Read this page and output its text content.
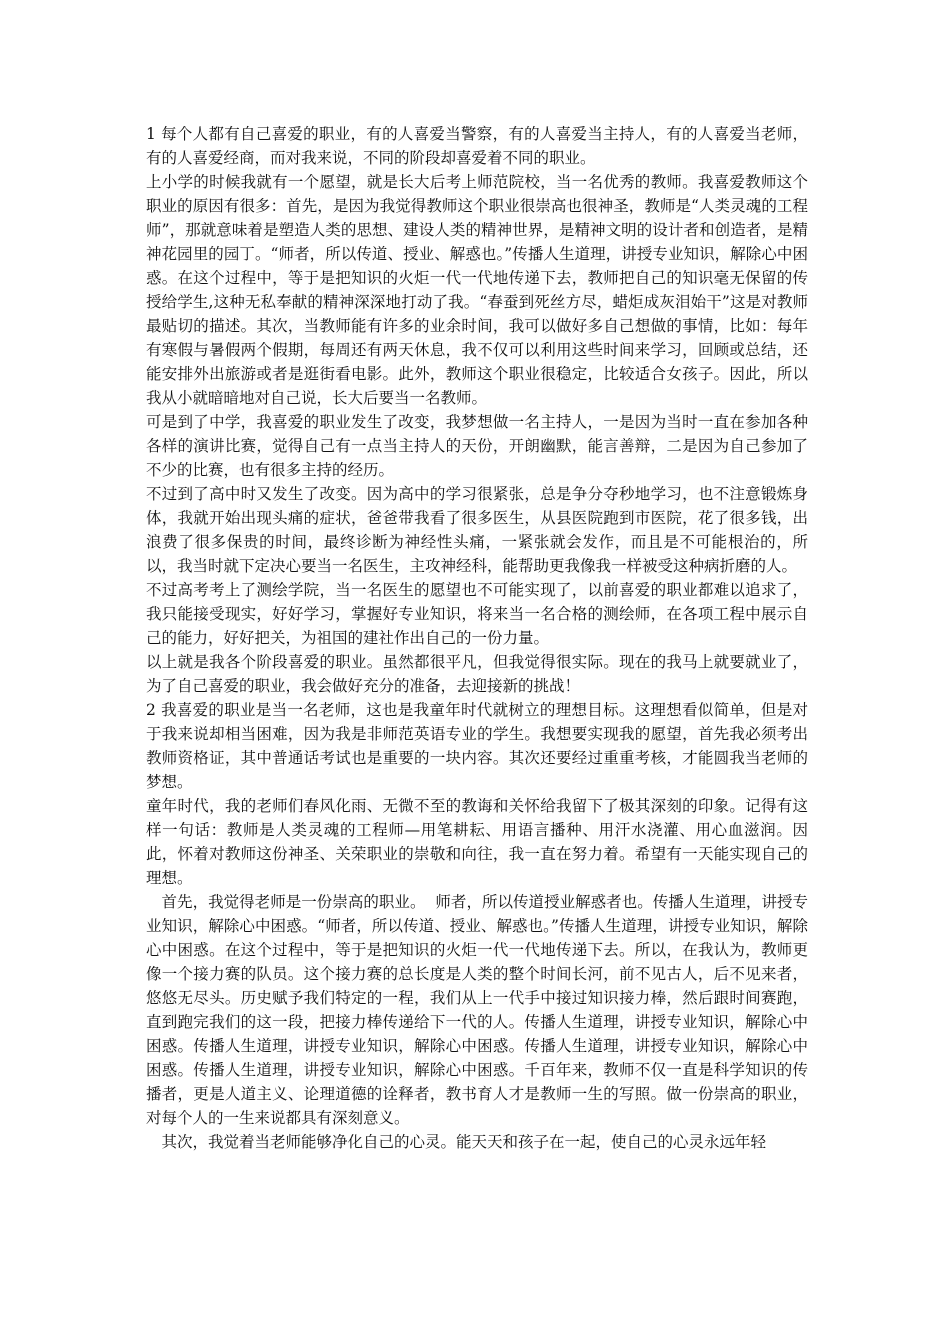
1 每个人都有自己喜爱的职业，有的人喜爱当警察，有的人喜爱当主持人，有的人喜爱当老师，有的人喜爱经商，而对我来说，不同的阶段却喜爱着不同的职业。

上小学的时候我就有一个愿望，就是长大后考上师范院校，当一名优秀的教师。我喜爱教师这个职业的原因有很多：首先，是因为我觉得教师这个职业很崇高也很神圣，教师是“人类灵魂的工程师”，那就意味着是塑造人类的思想、建设人类的精神世界，是精神文明的设计者和创造者，是精神花园里的园丁。“师者，所以传道、授业、解惑也。”传播人生道理，讲授专业知识，解除心中困惑。在这个过程中，等于是把知识的火炬一代一代地传递下去，教师把自己的知识毫无保留的传授给学生,这种无私奉献的精神深深地打动了我。“春蚕到死丝方尽，蜡炬成灰泪始干”这是对教师最贴切的描述。其次，当教师能有许多的业余时间，我可以做好多自己想做的事情，比如：每年有寒假与暑假两个假期，每周还有两天休息，我不仅可以利用这些时间来学习，回顾或总结，还能安排外出旅游或者是逛街看电影。此外，教师这个职业很稳定，比较适合女孩子。因此，所以我从小就暗暗地对自己说，长大后要当一名教师。

可是到了中学，我喜爱的职业发生了改变，我梦想做一名主持人，一是因为当时一直在参加各种各样的演讲比赛，觉得自己有一点当主持人的天份，开朗幽默，能言善辩，二是因为自己参加了不少的比赛，也有很多主持的经历。

不过到了高中时又发生了改变。因为高中的学习很紧张，总是争分夺秒地学习，也不注意锻炼身体，我就开始出现头痛的症状，爸爸带我看了很多医生，从县医院跑到市医院，花了很多钱，出浪费了很多保贵的时间，最终诊断为神经性头痛，一紧张就会发作，而且是不可能根治的，所以，我当时就下定决心要当一名医生，主攻神经科，能帮助更我像我一样被受这种病折磨的人。

不过高考考上了测绘学院，当一名医生的愿望也不可能实现了，以前喜爱的职业都难以追求了，我只能接受现实，好好学习，掌握好专业知识，将来当一名合格的测绘师，在各项工程中展示自己的能力，好好把关，为祖国的建社作出自己的一份力量。

以上就是我各个阶段喜爱的职业。虽然都很平凡，但我觉得很实际。现在的我马上就要就业了，为了自己喜爱的职业，我会做好充分的准备，去迎接新的挑战！

2 我喜爱的职业是当一名老师，这也是我童年时代就树立的理想目标。这理想看似简单，但是对于我来说却相当困难，因为我是非师范英语专业的学生。我想要实现我的愿望，首先我必须考出教师资格证，其中普通话考试也是重要的一块内容。其次还要经过重重考核，才能圆我当老师的梦想。

童年时代，我的老师们春风化雨、无微不至的教诲和关怀给我留下了极其深刻的印象。记得有这样一句话：教师是人类灵魂的工程师—用笔耕耘、用语言播种、用汗水浇灌、用心血滋润。因此，怀着对教师这份神圣、关荣职业的崇敬和向往，我一直在努力着。希望有一天能实现自己的理想。

　首先，我觉得老师是一份崇高的职业。  师者，所以传道授业解惑者也。传播人生道理，讲授专业知识，解除心中困惑。“师者，所以传道、授业、解惑也。”传播人生道理，讲授专业知识，解除心中困惑。在这个过程中，等于是把知识的火炬一代一代地传递下去。所以，在我认为，教师更像一个接力赛的队员。这个接力赛的总长度是人类的整个时间长河，前不见古人，后不见来者，悠悠无尽头。历史赋予我们特定的一程，我们从上一代手中接过知识接力棒，然后跟时间赛跑，直到跑完我们的这一段，把接力棒传递给下一代的人。传播人生道理，讲授专业知识，解除心中困惑。传播人生道理，讲授专业知识，解除心中困惑。传播人生道理，讲授专业知识，解除心中困惑。传播人生道理，讲授专业知识，解除心中困惑。千百年来，教师不仅一直是科学知识的传播者，更是人道主义、论理道德的诠释者，教书育人才是教师一生的写照。做一份崇高的职业，对每个人的一生来说都具有深刻意义。

　其次，我觉着当老师能够净化自己的心灵。能天天和孩子在一起，使自己的心灵永远年轻
